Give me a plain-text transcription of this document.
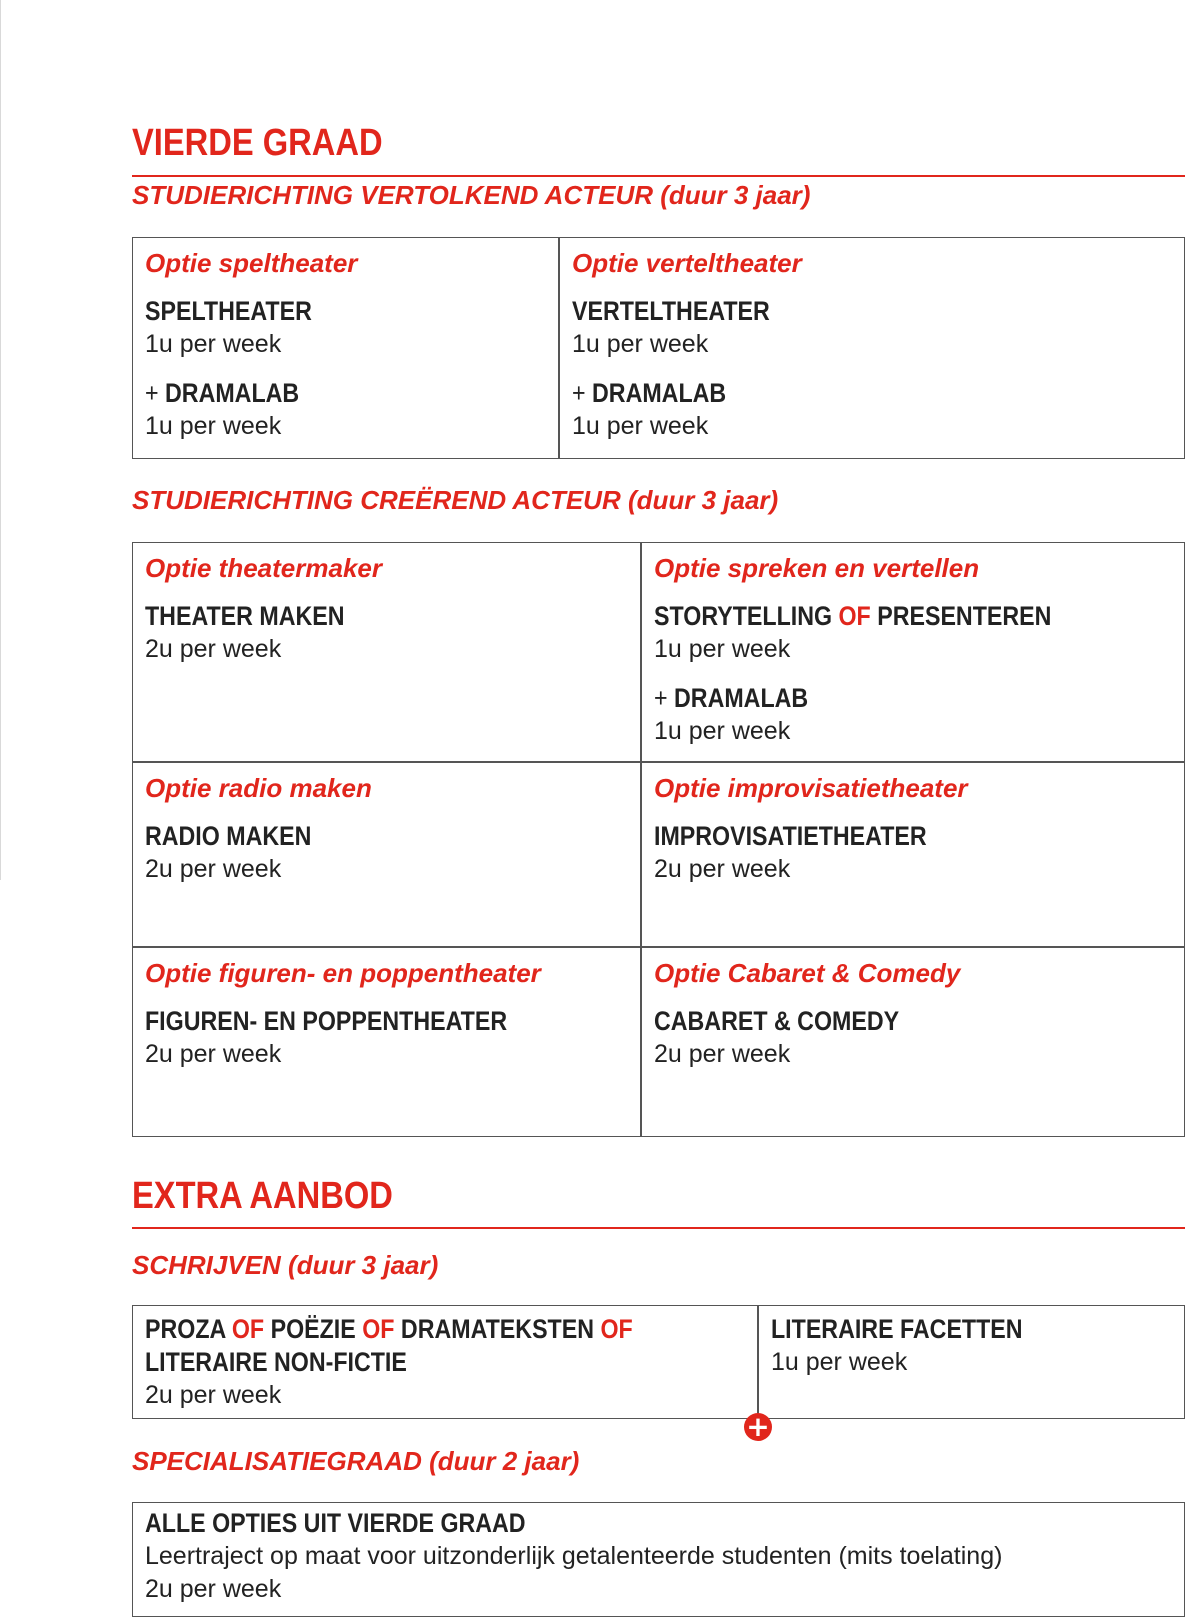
VIERDE GRAAD
STUDIERICHTING VERTOLKEND ACTEUR (duur 3 jaar)
Optie speltheater
SPELTHEATER
1u per week
+ DRAMALAB
1u per week
Optie verteltheater
VERTELTHEATER
1u per week
+ DRAMALAB
1u per week
STUDIERICHTING CREËREND ACTEUR (duur 3 jaar)
Optie theatermaker
THEATER MAKEN
2u per week
Optie spreken en vertellen
STORYTELLING OF PRESENTEREN
1u per week
+ DRAMALAB
1u per week
Optie radio maken
RADIO MAKEN
2u per week
Optie improvisatietheater
IMPROVISATIETHEATER
2u per week
Optie figuren- en poppentheater
FIGUREN- EN POPPENTHEATER
2u per week
Optie Cabaret & Comedy
CABARET & COMEDY
2u per week
EXTRA AANBOD
SCHRIJVEN (duur 3 jaar)
PROZA OF POËZIE OF DRAMATEKSTEN OF
LITERAIRE NON-FICTIE
2u per week
LITERAIRE FACETTEN
1u per week
+
SPECIALISATIEGRAAD (duur 2 jaar)
ALLE OPTIES UIT VIERDE GRAAD
Leertraject op maat voor uitzonderlijk getalenteerde studenten (mits toelating)
2u per week
